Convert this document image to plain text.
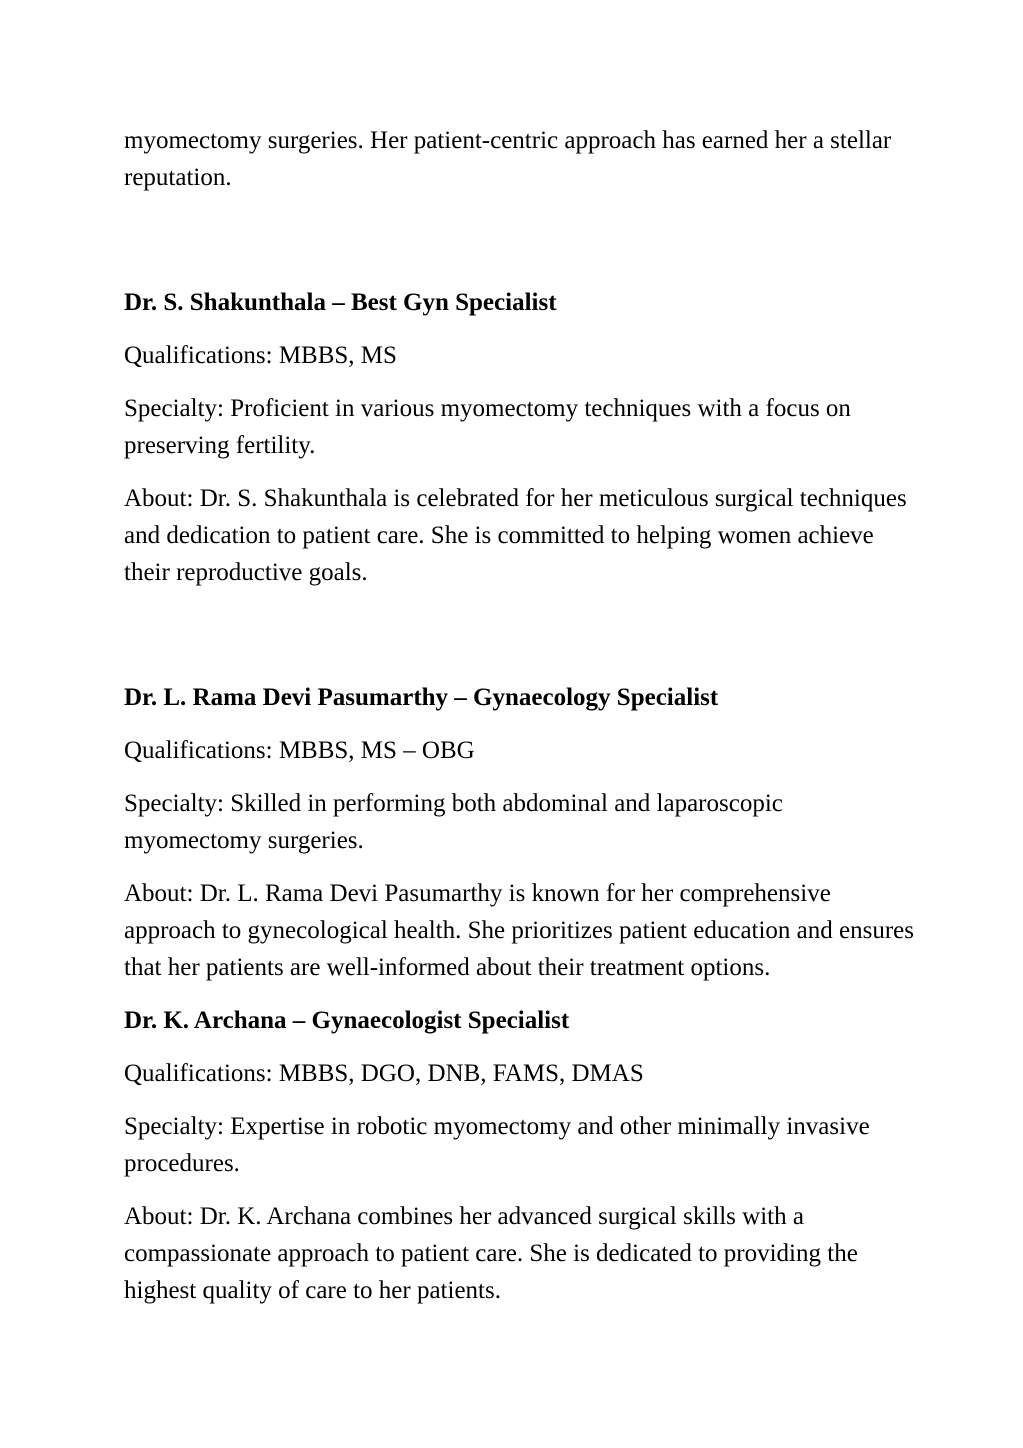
myomectomy surgeries. Her patient-centric approach has earned her a stellar reputation.

Dr. S. Shakunthala – Best Gyn Specialist

Qualifications: MBBS, MS

Specialty: Proficient in various myomectomy techniques with a focus on preserving fertility.

About: Dr. S. Shakunthala is celebrated for her meticulous surgical techniques and dedication to patient care. She is committed to helping women achieve their reproductive goals.

Dr. L. Rama Devi Pasumarthy – Gynaecology Specialist

Qualifications: MBBS, MS – OBG

Specialty: Skilled in performing both abdominal and laparoscopic myomectomy surgeries.

About: Dr. L. Rama Devi Pasumarthy is known for her comprehensive approach to gynecological health. She prioritizes patient education and ensures that her patients are well-informed about their treatment options.

Dr. K. Archana – Gynaecologist Specialist

Qualifications: MBBS, DGO, DNB, FAMS, DMAS

Specialty: Expertise in robotic myomectomy and other minimally invasive procedures.

About: Dr. K. Archana combines her advanced surgical skills with a compassionate approach to patient care. She is dedicated to providing the highest quality of care to her patients.
